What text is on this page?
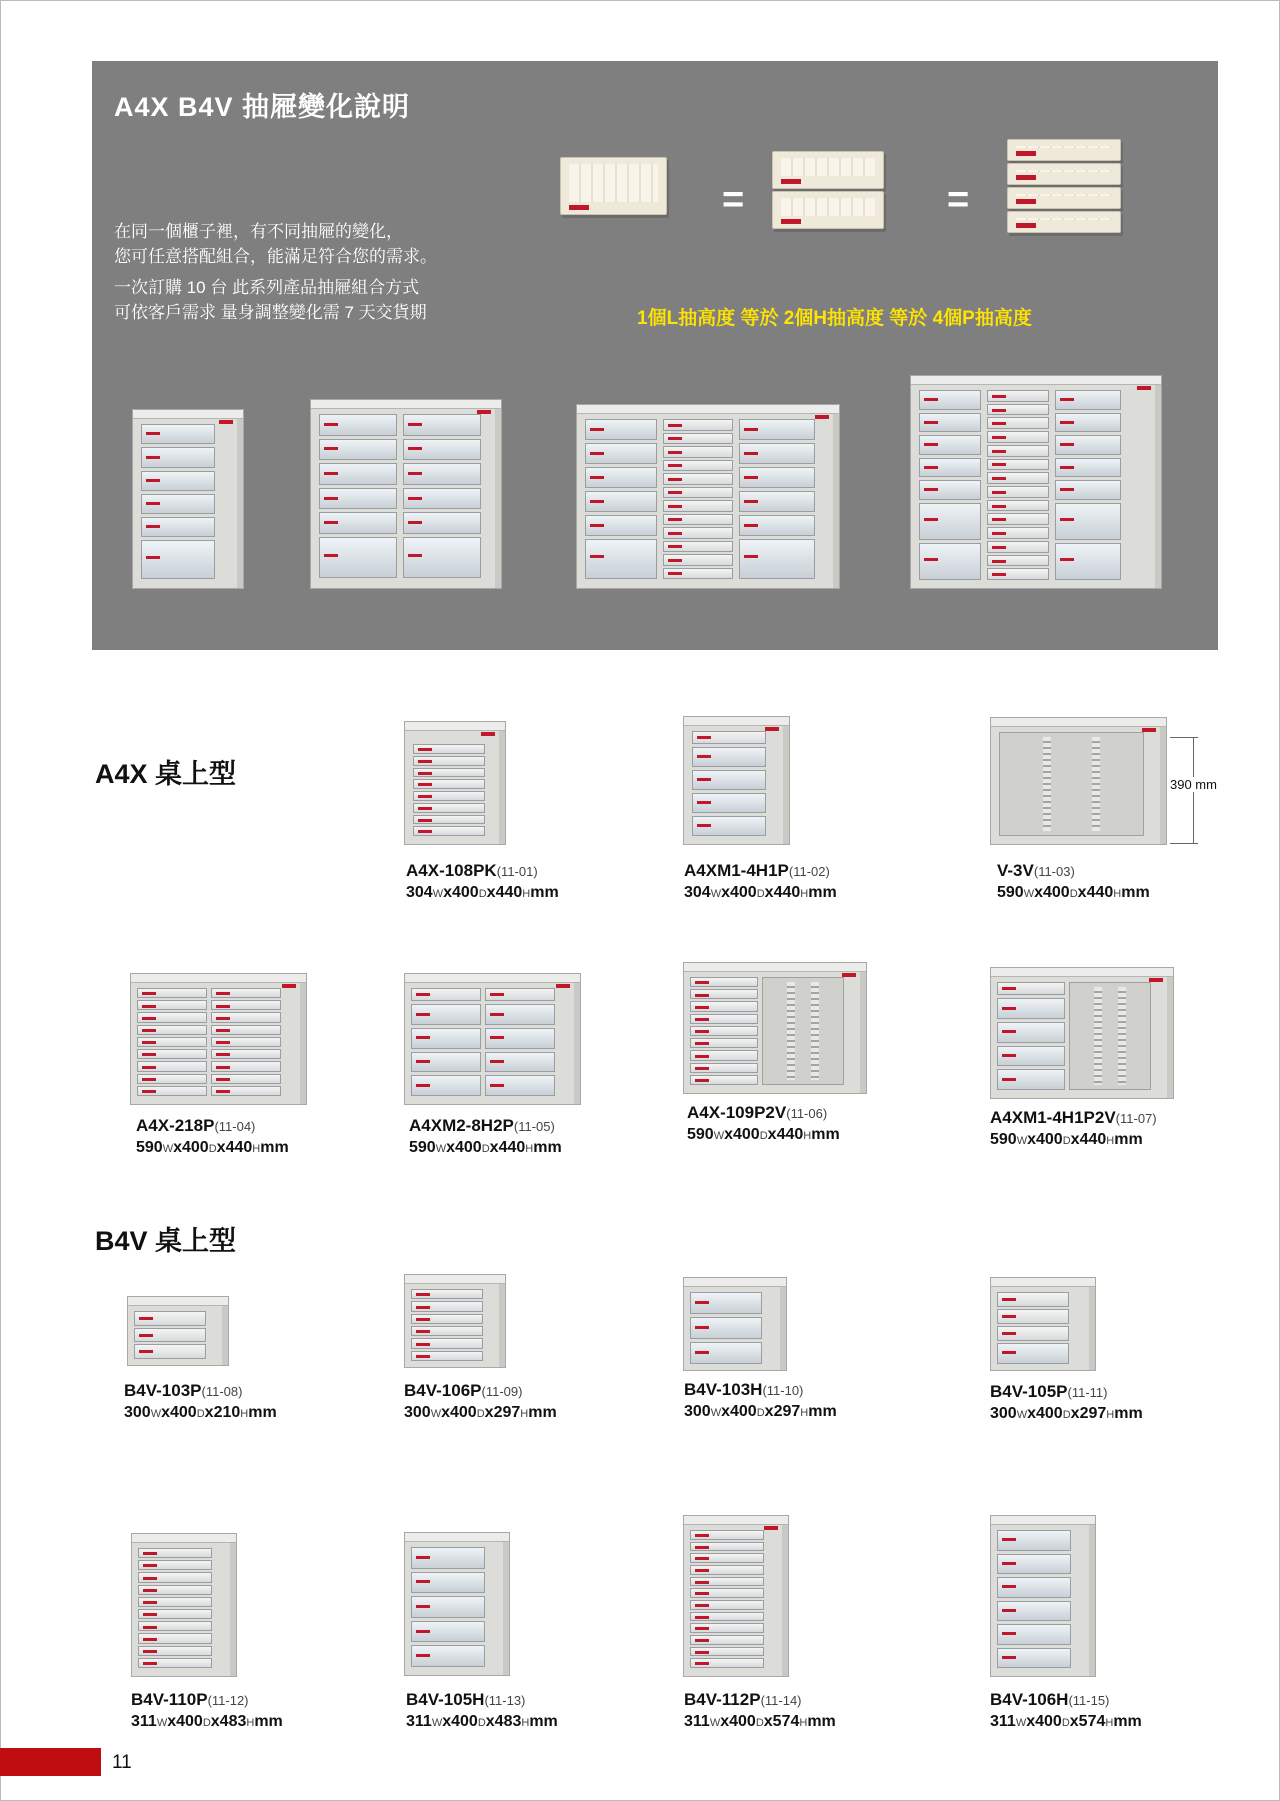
A4X B4V 抽屜變化說明

在同一個櫃子裡，有不同抽屜的變化，
您可任意搭配組合，能滿足符合您的需求。

一次訂購 10 台 此系列產品抽屜組合方式
可依客戶需求 量身調整變化需 7 天交貨期

=	=
1個L抽高度 等於 2個H抽高度 等於 4個P抽高度
A4X 桌上型	390 mm
A4X-108PK(11-01)
304Wx400Dx440Hmm
A4XM1-4H1P(11-02)
304Wx400Dx440Hmm
V-3V(11-03)
590Wx400Dx440Hmm
A4X-218P(11-04)
590Wx400Dx440Hmm
A4XM2-8H2P(11-05)
590Wx400Dx440Hmm
A4X-109P2V(11-06)
590Wx400Dx440Hmm
A4XM1-4H1P2V(11-07)
590Wx400Dx440Hmm
B4V 桌上型
B4V-103P(11-08)
300Wx400Dx210Hmm
B4V-106P(11-09)
300Wx400Dx297Hmm
B4V-103H(11-10)
300Wx400Dx297Hmm
B4V-105P(11-11)
300Wx400Dx297Hmm
B4V-110P(11-12)
311Wx400Dx483Hmm
B4V-105H(11-13)
311Wx400Dx483Hmm
B4V-112P(11-14)
311Wx400Dx574Hmm
B4V-106H(11-15)
311Wx400Dx574Hmm
11
